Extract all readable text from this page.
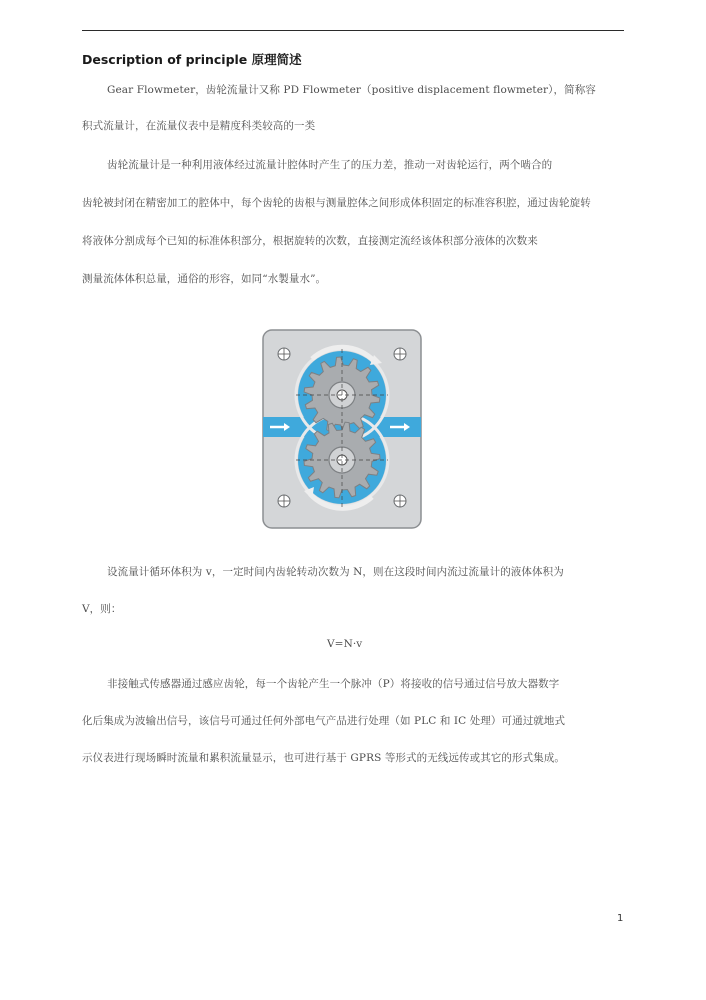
Description of principle 原理简述
Gear Flowmeter，齿轮流量计又称 PD Flowmeter（positive displacement flowmeter），简称容
积式流量计，在流量仪表中是精度科类较高的一类
齿轮流量计是一种利用液体经过流量计腔体时产生了的压力差，推动一对齿轮运行，两个啮合的
齿轮被封闭在精密加工的腔体中，每个齿轮的齿根与测量腔体之间形成体积固定的标准容积腔，通过齿轮旋转
将液体分割成每个已知的标准体积部分，根据旋转的次数，直接测定流经该体积部分液体的次数来
测量流体体积总量，通俗的形容，如同“水製量水”。
设流量计循环体积为 v，一定时间内齿轮转动次数为 N，则在这段时间内流过流量计的液体体积为
V，则：
V=N·v
非接触式传感器通过感应齿轮，每一个齿轮产生一个脉冲（P）将接收的信号通过信号放大器数字
化后集成为波输出信号，该信号可通过任何外部电气产品进行处理（如 PLC 和 IC 处理）可通过就地式
示仪表进行现场瞬时流量和累积流量显示，也可进行基于 GPRS 等形式的无线远传或其它的形式集成。
1
